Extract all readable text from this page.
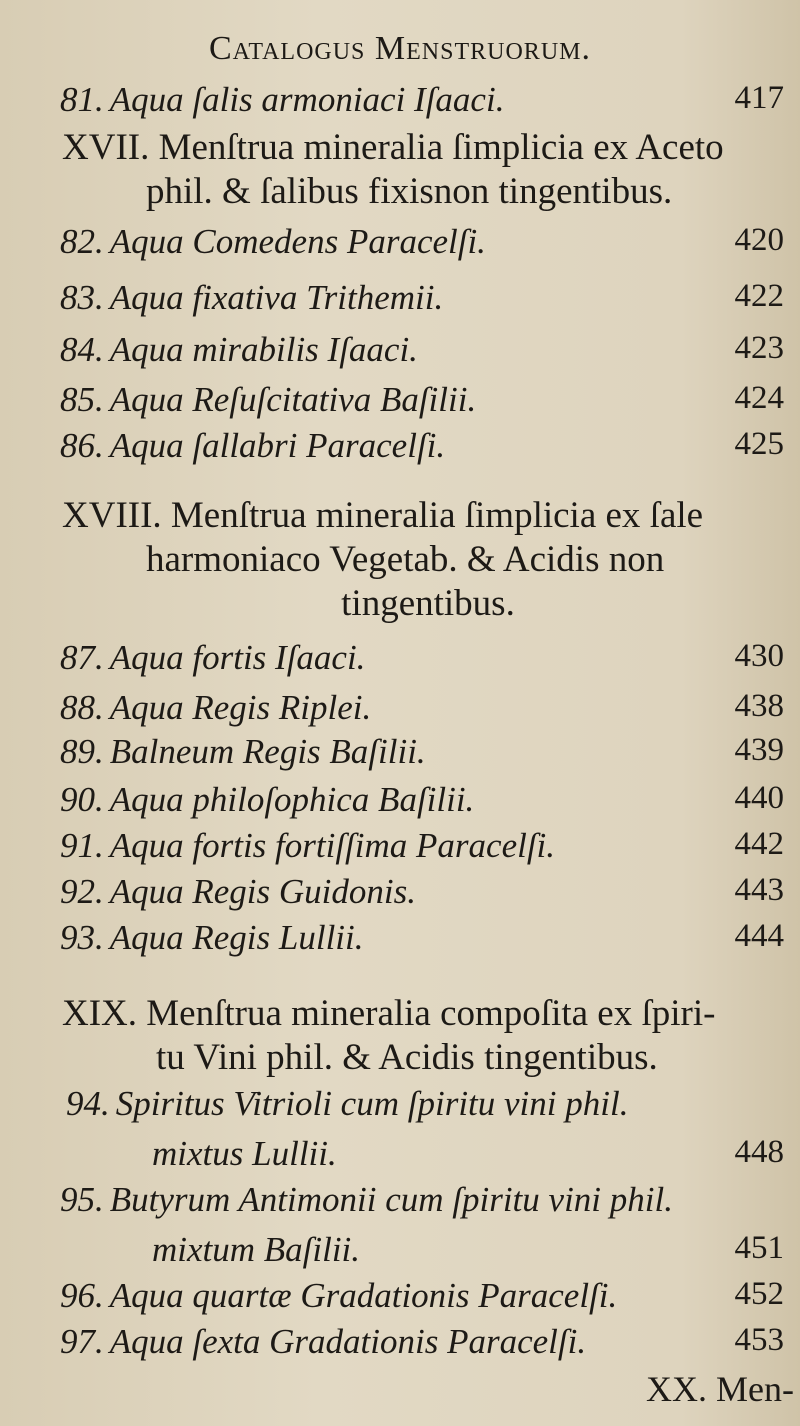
Catalogus Menstruorum.
81. Aqua ſalis armoniaci Iſaaci.	417
XVII. Menſtrua mineralia ſimplicia ex Aceto
phil. & ſalibus fixisnon tingentibus.
82. Aqua Comedens Paracelſi.	420
83. Aqua fixativa Trithemii.	422
84. Aqua mirabilis Iſaaci.	423
85. Aqua Reſuſcitativa Baſilii.	424
86. Aqua ſallabri Paracelſi.	425
XVIII. Menſtrua mineralia ſimplicia ex ſale
harmoniaco Vegetab. & Acidis non
tingentibus.
87. Aqua fortis Iſaaci.	430
88. Aqua Regis Riplei.	438
89. Balneum Regis Baſilii.	439
90. Aqua philoſophica Baſilii.	440
91. Aqua fortis fortiſſima Paracelſi.	442
92. Aqua Regis Guidonis.	443
93. Aqua Regis Lullii.	444
XIX. Menſtrua mineralia compoſita ex ſpiri-
tu Vini phil. & Acidis tingentibus.
94. Spiritus Vitrioli cum ſpiritu vini phil.
mixtus Lullii.	448
95. Butyrum Antimonii cum ſpiritu vini phil.
mixtum Baſilii.	451
96. Aqua quartæ Gradationis Paracelſi.	452
97. Aqua ſexta Gradationis Paracelſi.	453
XX. Men-
